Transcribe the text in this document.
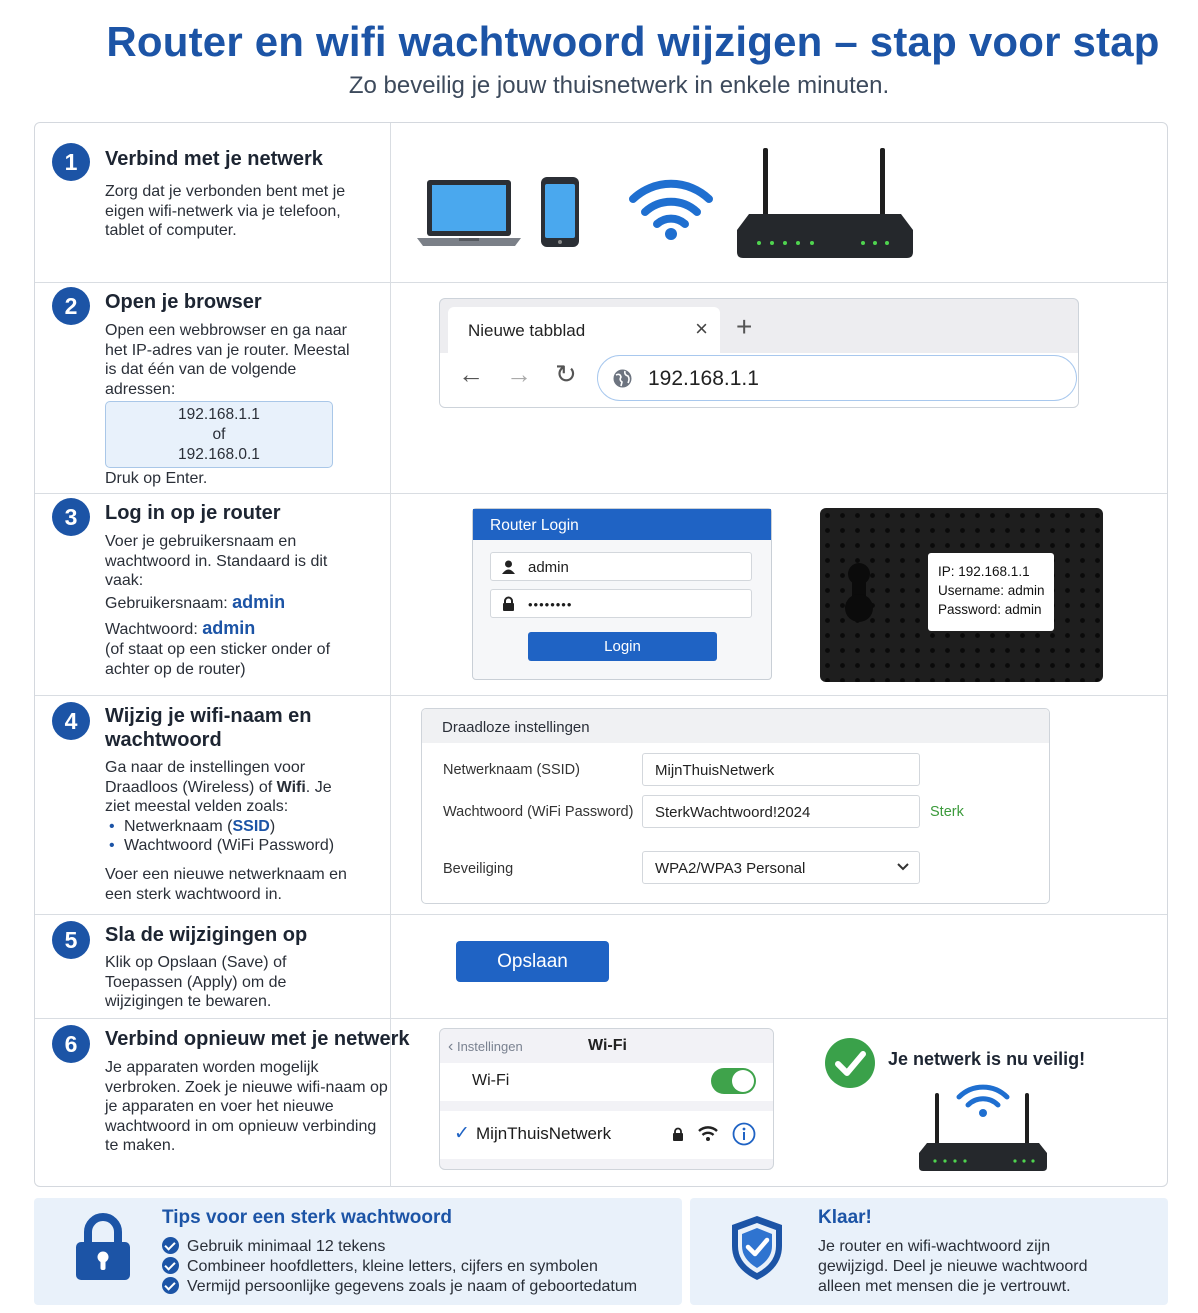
Router en wifi wachtwoord wijzigen – stap voor stap
Zo beveilig je jouw thuisnetwerk in enkele minuten.
1	Verbind met je netwerk
Zorg dat je verbonden bent met je eigen wifi-netwerk via je telefoon, tablet of computer.
2	Open je browser
Open een webbrowser en ga naar het IP-adres van je router. Meestal is dat één van de volgende adressen:
192.168.1.1
of
192.168.0.1
Druk op Enter.
3	Log in op je router
Voer je gebruikersnaam en wachtwoord in. Standaard is dit vaak:
Gebruikersnaam: admin
Wachtwoord: admin
(of staat op een sticker onder of achter op de router)
4	Wijzig je wifi-naam en wachtwoord
Ga naar de instellingen voor Draadloos (Wireless) of Wifi. Je ziet meestal velden zoals:
• Netwerknaam (SSID)
• Wachtwoord (WiFi Password)
Voer een nieuwe netwerknaam en een sterk wachtwoord in.
5	Sla de wijzigingen op
Klik op Opslaan (Save) of Toepassen (Apply) om de wijzigingen te bewaren.
6	Verbind opnieuw met je netwerk
Je apparaten worden mogelijk verbroken. Zoek je nieuwe wifi-naam op je apparaten en voer het nieuwe wachtwoord in om opnieuw verbinding te maken.
Nieuwe tabblad	× +
← → ↻	192.168.1.1
Router Login
admin
••••••••
Login
IP: 192.168.1.1
Username: admin
Password: admin
Draadloze instellingen
Netwerknaam (SSID)	MijnThuisNetwerk
Wachtwoord (WiFi Password)	SterkWachtwoord!2024	Sterk
Beveiliging	WPA2/WPA3 Personal
Opslaan
‹ Instellingen	Wi-Fi
Wi-Fi
✓ MijnThuisNetwerk
Je netwerk is nu veilig!
Tips voor een sterk wachtwoord
Gebruik minimaal 12 tekens
Combineer hoofdletters, kleine letters, cijfers en symbolen
Vermijd persoonlijke gegevens zoals je naam of geboortedatum
Klaar!
Je router en wifi-wachtwoord zijn gewijzigd. Deel je nieuwe wachtwoord alleen met mensen die je vertrouwt.
